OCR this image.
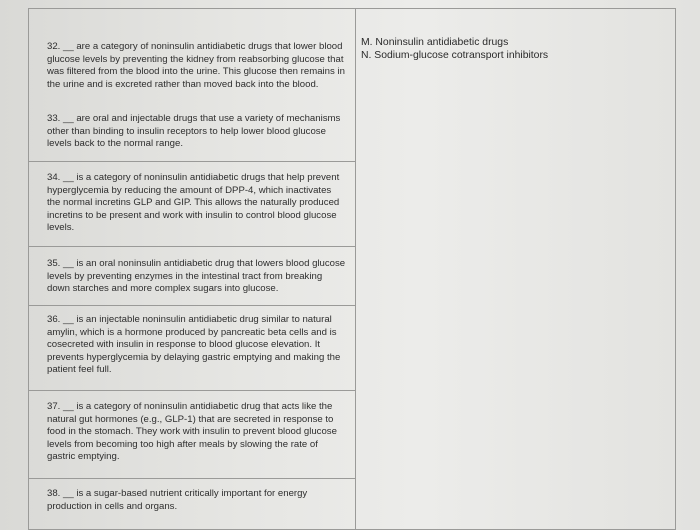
32. __ are a category of noninsulin antidiabetic drugs that lower blood glucose levels by preventing the kidney from reabsorbing glucose that was filtered from the blood into the urine. This glucose then remains in the urine and is excreted rather than moved back into the blood.
33. __ are oral and injectable drugs that use a variety of mechanisms other than binding to insulin receptors to help lower blood glucose levels back to the normal range.
34. __ is a category of noninsulin antidiabetic drugs that help prevent hyperglycemia by reducing the amount of DPP-4, which inactivates the normal incretins GLP and GIP. This allows the naturally produced incretins to be present and work with insulin to control blood glucose levels.
35. __ is an oral noninsulin antidiabetic drug that lowers blood glucose levels by preventing enzymes in the intestinal tract from breaking down starches and more complex sugars into glucose.
36. __ is an injectable noninsulin antidiabetic drug similar to natural amylin, which is a hormone produced by pancreatic beta cells and is cosecreted with insulin in response to blood glucose elevation. It prevents hyperglycemia by delaying gastric emptying and making the patient feel full.
37. __ is a category of noninsulin antidiabetic drug that acts like the natural gut hormones (e.g., GLP-1) that are secreted in response to food in the stomach. They work with insulin to prevent blood glucose levels from becoming too high after meals by slowing the rate of gastric emptying.
38. __ is a sugar-based nutrient critically important for energy production in cells and organs.
M. Noninsulin antidiabetic drugs
N. Sodium-glucose cotransport inhibitors
